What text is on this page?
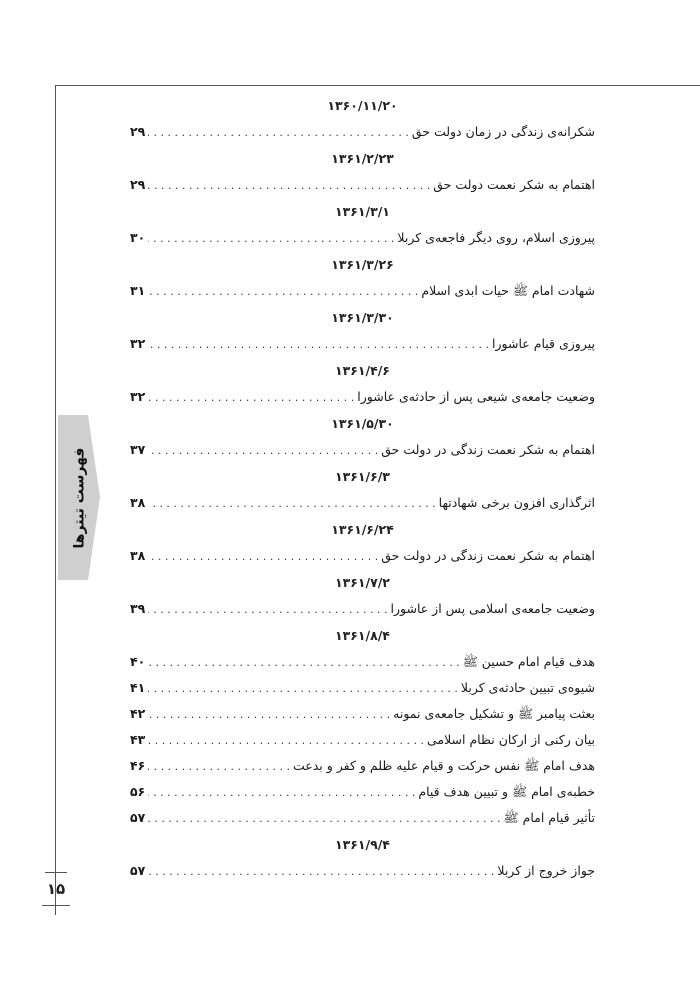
فهرست تیترها
۱۵
۱۳۶۰/۱۱/۲۰
شکرانه‌ی زندگی در زمان دولت حق
. . .
۲۹
۱۳۶۱/۲/۲۳
اهتمام به شکر نعمت دولت حق
. . .
۲۹
۱۳۶۱/۳/۱
پیروزی اسلام، روی دیگر فاجعه‌ی کربلا
. . .
۳۰
۱۳۶۱/۳/۲۶
شهادت امام ﷺ حیات ابدی اسلام
. . .
۳۱
۱۳۶۱/۳/۳۰
پیروزی قیام عاشورا
. . .
۳۲
۱۳۶۱/۴/۶
وضعیت جامعه‌ی شیعی پس از حادثه‌ی عاشورا
. . .
۳۲
۱۳۶۱/۵/۳۰
اهتمام به شکر نعمت زندگی در دولت حق
. . .
۳۷
۱۳۶۱/۶/۳
اثرگذاری افزون برخی شهادتها
. . .
۳۸
۱۳۶۱/۶/۲۴
اهتمام به شکر نعمت زندگی در دولت حق
. . .
۳۸
۱۳۶۱/۷/۲
وضعیت جامعه‌ی اسلامی پس از عاشورا
. . .
۳۹
۱۳۶۱/۸/۴
هدف قیام امام حسین ﷺ
. . .
۴۰
شیوه‌ی تبیین حادثه‌ی کربلا
. . .
۴۱
بعثت پیامبر ﷺ و تشکیل جامعه‌ی نمونه
. . .
۴۲
بیان رکنی از ارکان نظام اسلامی
. . .
۴۳
هدف امام ﷺ نفس حرکت و قیام علیه ظلم و کفر و بدعت
. . .
۴۶
خطبه‌ی امام ﷺ و تبیین هدف قیام
. . .
۵۶
تأثیر قیام امام ﷺ
. . .
۵۷
۱۳۶۱/۹/۴
جواز خروج از کربلا
. . .
۵۷
